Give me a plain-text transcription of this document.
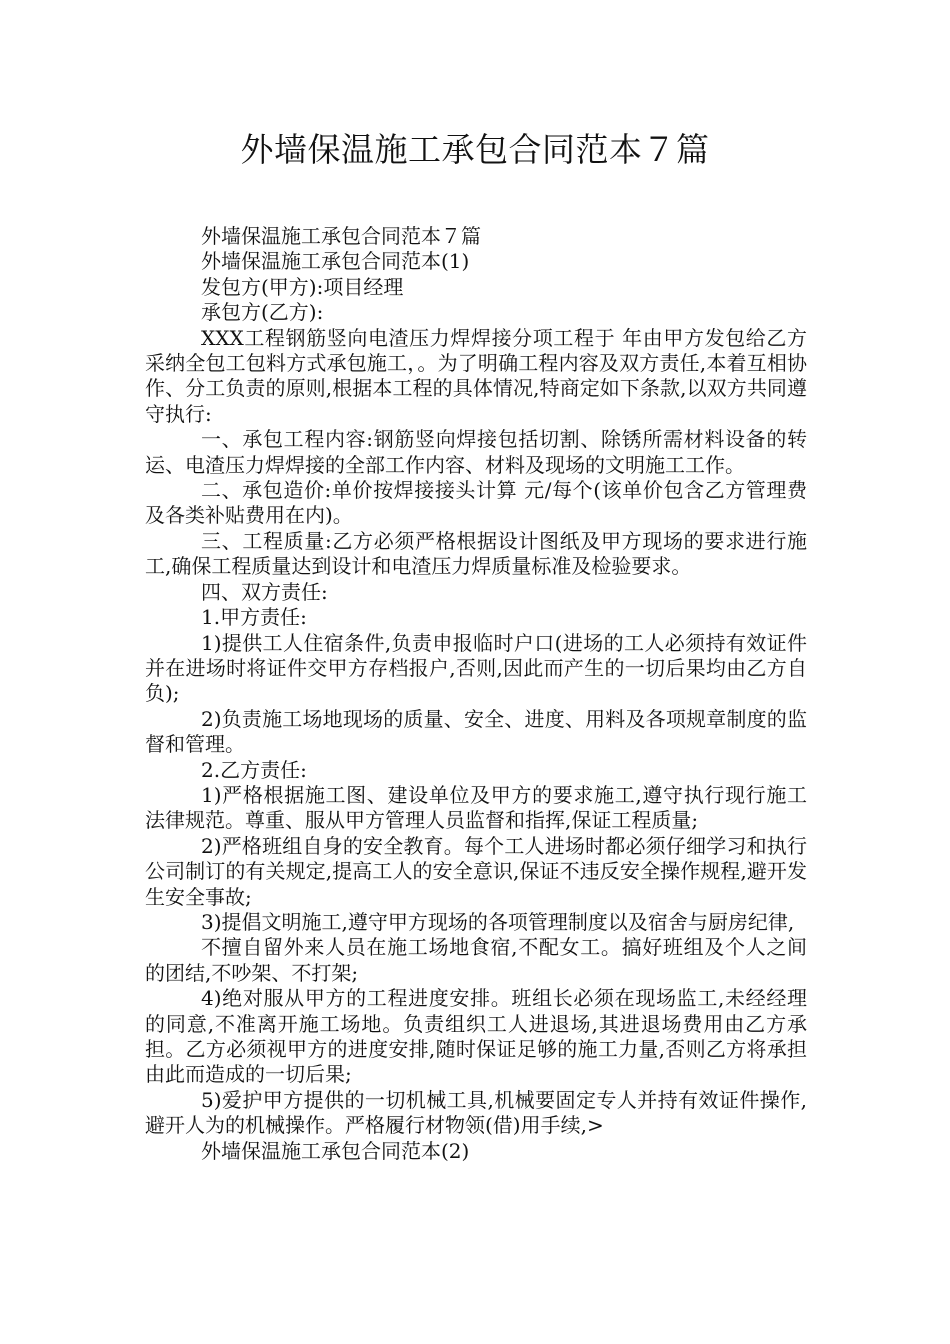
外墙保温施工承包合同范本７篇

外墙保温施工承包合同范本７篇

外墙保温施工承包合同范本(1)

发包方(甲方):项目经理

承包方(乙方):

XXX工程钢筋竖向电渣压力焊焊接分项工程于 年由甲方发包给乙方采纳全包工包料方式承包施工，。为了明确工程内容及双方责任,本着互相协作、分工负责的原则,根据本工程的具体情况,特商定如下条款,以双方共同遵守执行:

一、承包工程内容:钢筋竖向焊接包括切割、除锈所需材料设备的转运、电渣压力焊焊接的全部工作内容、材料及现场的文明施工工作。

二、承包造价:单价按焊接接头计算 元/每个(该单价包含乙方管理费及各类补贴费用在内)。

三、工程质量:乙方必须严格根据设计图纸及甲方现场的要求进行施工,确保工程质量达到设计和电渣压力焊质量标准及检验要求。

四、双方责任:

1.甲方责任:

1)提供工人住宿条件,负责申报临时户口(进场的工人必须持有效证件并在进场时将证件交甲方存档报户,否则,因此而产生的一切后果均由乙方自负);

2)负责施工场地现场的质量、安全、进度、用料及各项规章制度的监督和管理。

2.乙方责任:

1)严格根据施工图、建设单位及甲方的要求施工,遵守执行现行施工法律规范。尊重、服从甲方管理人员监督和指挥,保证工程质量;

2)严格班组自身的安全教育。每个工人进场时都必须仔细学习和执行公司制订的有关规定,提高工人的安全意识,保证不违反安全操作规程,避开发生安全事故;

3)提倡文明施工,遵守甲方现场的各项管理制度以及宿舍与厨房纪律,

不擅自留外来人员在施工场地食宿,不配女工。搞好班组及个人之间的团结,不吵架、不打架;

4)绝对服从甲方的工程进度安排。班组长必须在现场监工,未经经理的同意,不准离开施工场地。负责组织工人进退场,其进退场费用由乙方承担。乙方必须视甲方的进度安排,随时保证足够的施工力量,否则乙方将承担由此而造成的一切后果;

5)爱护甲方提供的一切机械工具,机械要固定专人并持有效证件操作,避开人为的机械操作。严格履行材物领(借)用手续,>

外墙保温施工承包合同范本(2)
